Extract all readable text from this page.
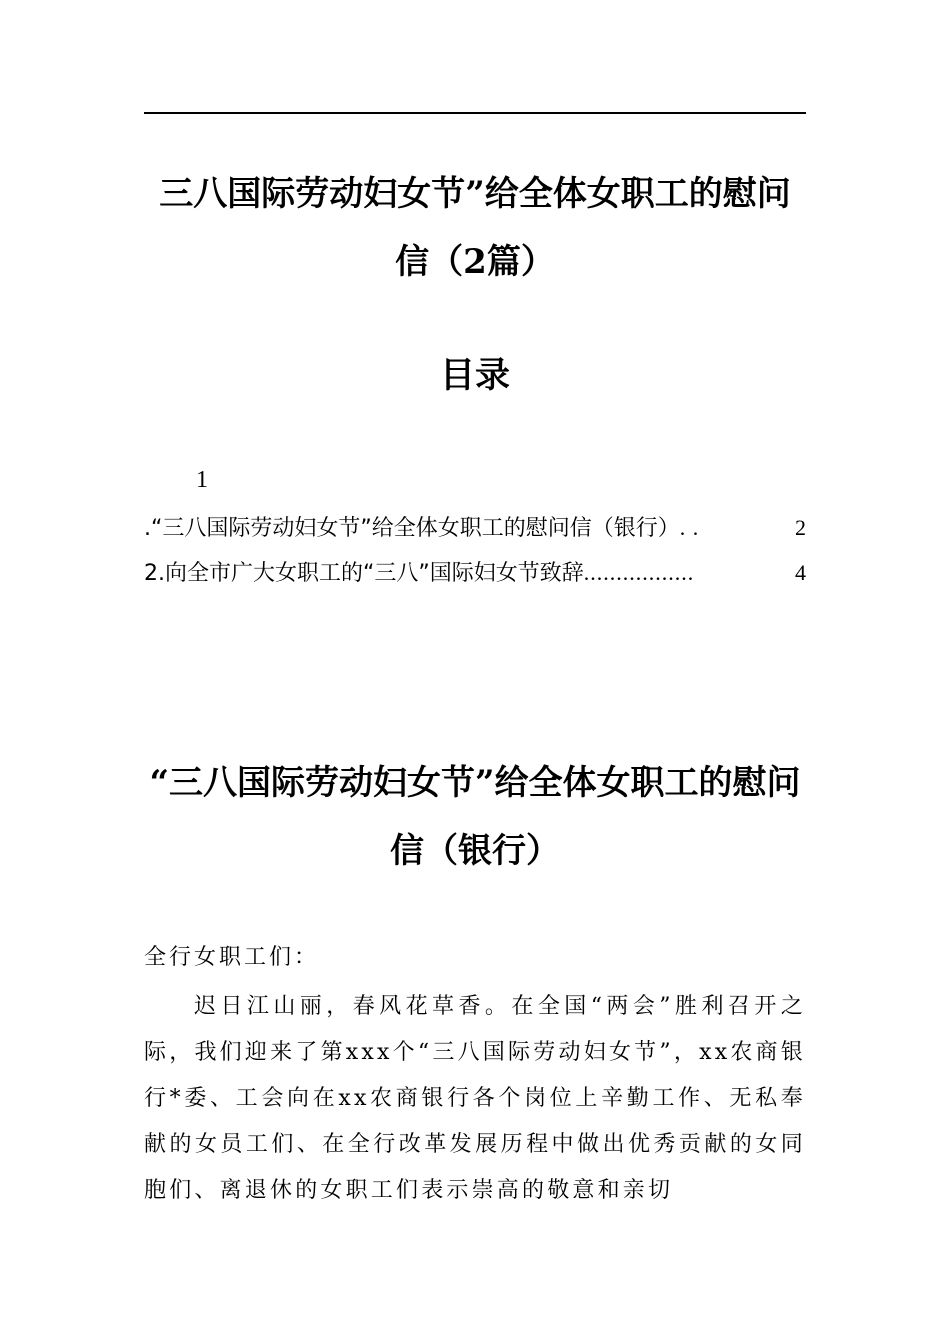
三八国际劳动妇女节”给全体女职工的慰问信（2篇）
目录
1
.“三八国际劳动妇女节”给全体女职工的慰问信（银行） . .	2
2.向全市广大女职工的“三八”国际妇女节致辞 .................	4
“三八国际劳动妇女节”给全体女职工的慰问信（银行）
全行女职工们：

迟日江山丽，春风花草香。在全国“两会”胜利召开之际，我们迎来了第xxx个“三八国际劳动妇女节”，xx农商银行*委、工会向在xx农商银行各个岗位上辛勤工作、无私奉献的女员工们、在全行改革发展历程中做出优秀贡献的女同胞们、离退休的女职工们表示崇高的敬意和亲切
